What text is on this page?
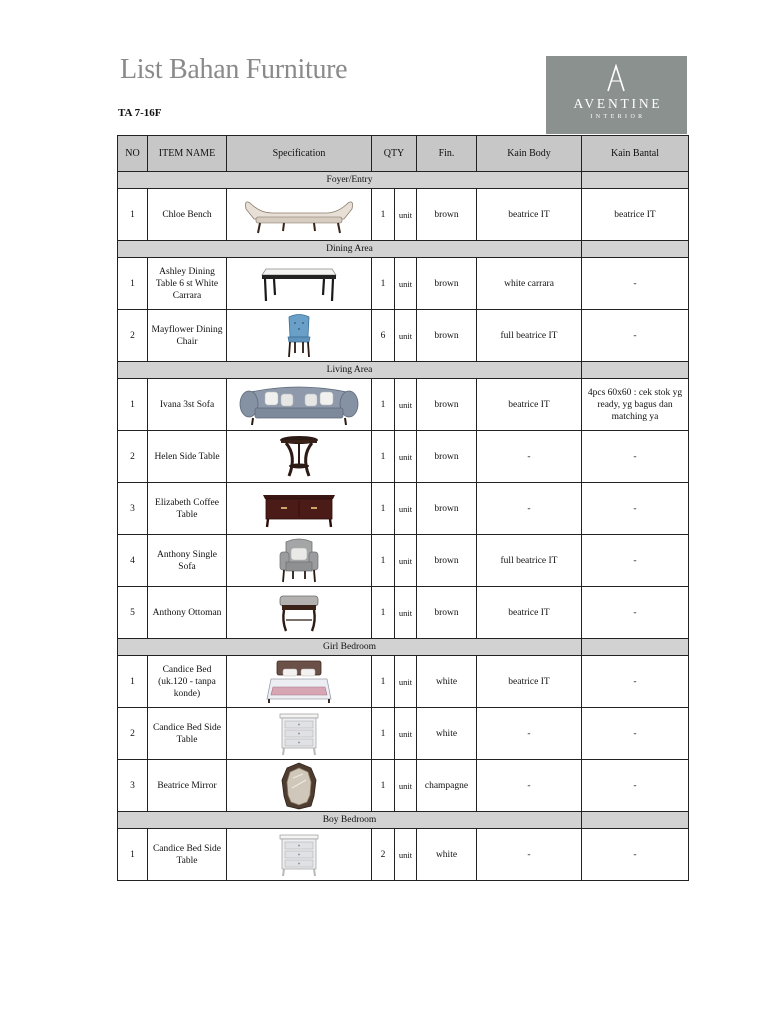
List Bahan Furniture
TA 7-16F
AVENTINE
INTERIOR
NO	ITEM NAME	Specification	QTY		Fin.	Kain Body	Kain Bantal
Foyer/Entry							
1	Chloe Bench		1	unit	brown	beatrice IT	beatrice IT
Dining Area							
1	Ashley Dining Table 6 st White Carrara		1	unit	brown	white carrara	-
2	Mayflower Dining Chair		6	unit	brown	full beatrice IT	-
Living Area							
1	Ivana 3st Sofa		1	unit	brown	beatrice IT	4pcs 60x60 : cek stok yg ready, yg bagus dan matching ya
2	Helen Side Table		1	unit	brown	-	-
3	Elizabeth Coffee Table		1	unit	brown	-	-
4	Anthony Single Sofa		1	unit	brown	full beatrice IT	-
5	Anthony Ottoman		1	unit	brown	beatrice IT	-
Girl Bedroom							
1	Candice Bed (uk.120 - tanpa konde)		1	unit	white	beatrice IT	-
2	Candice Bed Side Table		1	unit	white	-	-
3	Beatrice Mirror		1	unit	champagne	-	-
Boy Bedroom							
1	Candice Bed Side Table		2	unit	white	-	-
